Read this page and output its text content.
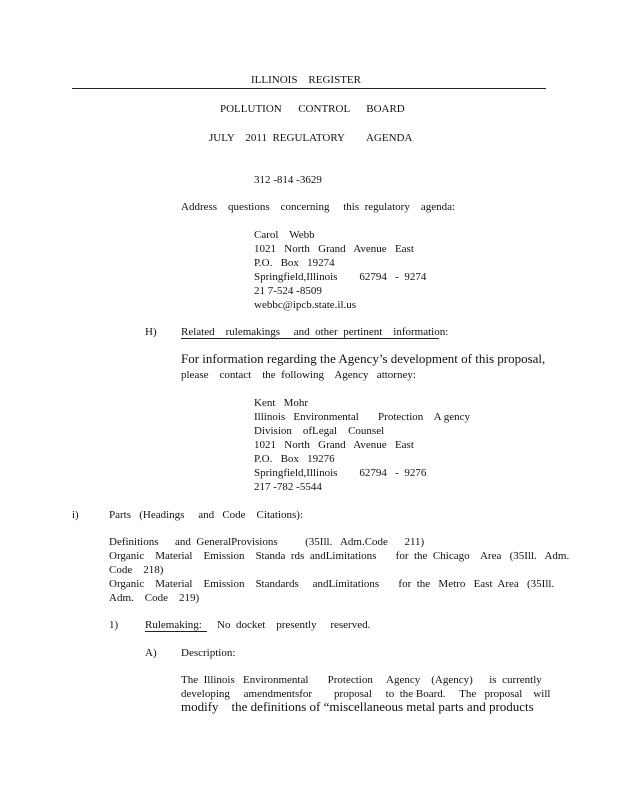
ILLINOIS    REGISTER
POLLUTION      CONTROL      BOARD
JULY    2011  REGULATORY        AGENDA
312 -814 -3629
Address    questions    concerning     this  regulatory    agenda:
Carol    Webb
1021   North   Grand   Avenue   East
P.O.   Box   19274
Springfield,Illinois        62794   -  9274
21 7-524 -8509
webbc@ipcb.state.il.us
H) Related    rulemakings     and  other  pertinent    information:
For information regarding the Agency’s development of this proposal,
please    contact    the  following    Agency   attorney:
Kent   Mohr
Illinois   Environmental       Protection    A gency
Division    ofLegal    Counsel
1021   North   Grand   Avenue   East
P.O.   Box   19276
Springfield,Illinois        62794   -  9276
217 -782 -5544
i)	Parts   (Headings     and   Code    Citations):
Definitions      and  GeneralProvisions          (35Ill.   Adm.Code      211)
Organic    Material    Emission    Standa  rds  andLimitations       for  the  Chicago    Area   (35Ill.   Adm.
Code    218)
Organic    Material    Emission    Standards     andLimitations       for  the   Metro   East  Area   (35Ill.
Adm.    Code    219)
1) Rulemaking: No  docket    presently     reserved.
A) Description:
The  Illinois   Environmental       Protection     Agency    (Agency)      is  currently
developing     amendmentsfor        proposal     to  the Board.     The   proposal    will
modify    the definitions of “miscellaneous metal parts and products
